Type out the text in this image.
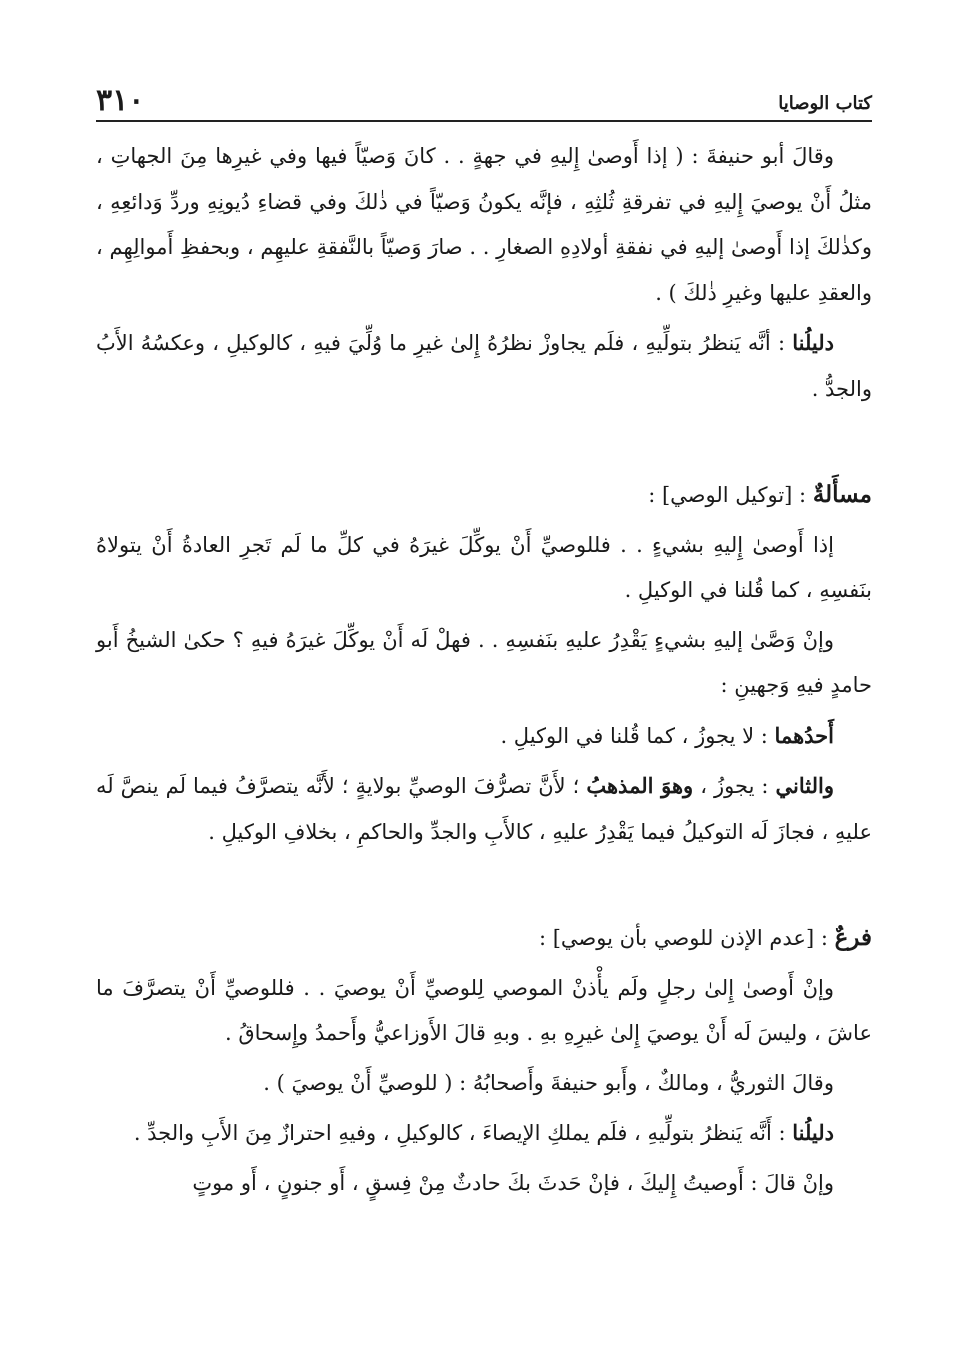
٣١٠	كتاب الوصايا

وقالَ أبو حنيفةَ : ( إذا أَوصىٰ إِليهِ في جهةٍ . . كانَ وَصيّاً فيها وفي غيرِها مِنَ الجهاتِ ، مثلُ أَنْ يوصيَ إِليهِ في تفرقةِ ثُلثِهِ ، فإنَّه يكونُ وَصيّاً في ذٰلكَ وفي قضاءِ دُيونِهِ وردِّ وَدائعِهِ ، وكذٰلكَ إذا أَوصىٰ إليهِ في نفقةِ أولادِهِ الصغارِ . . صارَ وَصيّاً بالنَّفقةِ عليهِم ، وبحفظِ أَموالِهِم ، والعقدِ عليها وغيرِ ذٰلكَ ) .

دليلُنا : أنَّه يَنظرُ بتولِّيهِ ، فلَم يجاوزْ نظرُهُ إِلىٰ غيرِ ما وُلِّيَ فيهِ ، كالوكيلِ ، وعكسُهُ الأَبُ والجدُّ .

مسأَلةٌ : [توكيل الوصي] :

إذا أَوصىٰ إِليهِ بشيءٍ . . فللوصيِّ أَنْ يوكِّلَ غيرَهُ في كلِّ ما لَم تَجرِ العادةُ أَنْ يتولاهُ بنَفسِهِ ، كما قُلنا في الوكيلِ .

وإنْ وَصَّىٰ إليهِ بشيءٍ يَقْدِرُ عليهِ بنَفسِهِ . . فهلْ لَه أَنْ يوكِّلَ غيرَهُ فيهِ ؟ حكىٰ الشيخُ أَبو حامدٍ فيهِ وَجهينِ :

أَحدُهما : لا يجوزُ ، كما قُلنا في الوكيلِ .

والثاني : يجوزُ ، وهوَ المذهبُ ؛ لأَنَّ تصرُّفَ الوصيِّ بولايةٍ ؛ لأَنَّه يتصرَّفُ فيما لَم ينصَّ لَه عليهِ ، فجازَ لَه التوكيلُ فيما يَقْدِرُ عليهِ ، كالأَبِ والجدِّ والحاكمِ ، بخلافِ الوكيلِ .

فرعٌ : [عدم الإذن للوصي بأن يوصي] :

وإنْ أَوصىٰ إِلىٰ رجلٍ ولَم يأْذنْ الموصي لِلوصيِّ أَنْ يوصيَ . . فللوصيِّ أَنْ يتصرَّفَ ما عاشَ ، وليسَ لَه أَنْ يوصيَ إِلىٰ غيرِهِ بهِ . وبهِ قالَ الأَوزاعيُّ وأَحمدُ وإِسحاقُ .

وقالَ الثوريُّ ، ومالكٌ ، وأَبو حنيفةَ وأَصحابُهُ : ( للوصيِّ أَنْ يوصيَ ) .

دليلُنا : أَنَّه يَنظرُ بتولِّيهِ ، فلَم يملكِ الإيصاءَ ، كالوكيلِ ، وفيهِ احترازٌ مِنَ الأَبِ والجدِّ .

وإنْ قالَ : أَوصيتُ إِليكَ ، فإنْ حَدثَ بكَ حادثٌ مِنْ فِسقٍ ، أَو جنونٍ ، أَو موتٍ
